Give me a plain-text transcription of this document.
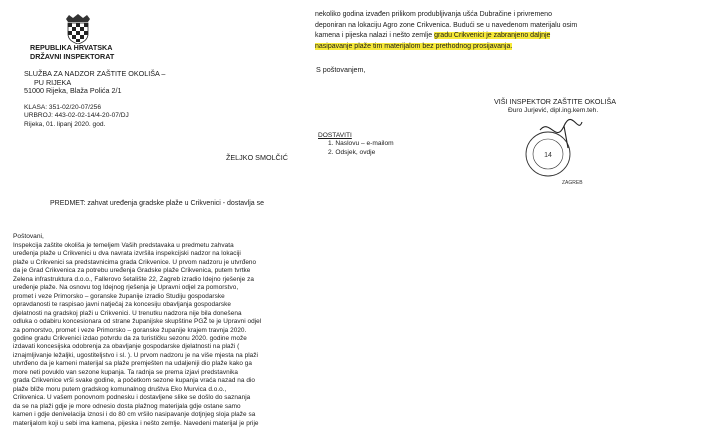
REPUBLIKA HRVATSKA
DRŽAVNI INSPEKTORAT
SLUŽBA ZA NADZOR ZAŠTITE OKOLIŠA –
PU RIJEKA
51000 Rijeka, Blaža Polića 2/1
KLASA: 351-02/20-07/256
URBROJ: 443-02-02-14/4-20-07/DJ
Rijeka, 01. lipanj 2020. god.
ŽELJKO SMOLČIĆ
PREDMET: zahvat uređenja gradske plaže u Crikvenici - dostavlja se
Poštovani,

Inspekcija zaštite okoliša je temeljem Vaših predstavaka u predmetu zahvata

uređenja plaže u Crikvenici u dva navrata izvršila inspekcijski nadzor na lokaciji

plaže u Crikvenici sa predstavnicima grada Crikvenice. U prvom nadzoru je utvrđeno

da je Grad Crikvenica za potrebu uređenja Gradske plaže Crikvenica, putem tvrtke

Zelena infrastruktura d.o.o., Fallerovo šetalište 22, Zagreb izradio Idejno rješenje za

uređenje plaže. Na osnovu tog Idejnog rješenja je Upravni odjel za pomorstvo,

promet i veze Primorsko – goranske županije izradio Studiju gospodarske

opravdanosti te raspisao javni natječaj za koncesiju obavljanja gospodarske

djelatnosti na gradskoj plaži u Crikvenici. U trenutku nadzora nije bila donešena

odluka o odabiru koncesionara od strane županijske skupštine PGŽ te je Upravni odjel

za pomorstvo, promet i veze Primorsko – goranske županije krajem travnja 2020.

godine gradu Crikvenici izdao potvrdu da za turističku sezonu 2020. godine može

izdavati koncesijska odobrenja za obavljanje gospodarske djelatnosti na plaži (

iznajmljivanje ležaljki, ugostiteljstvo i sl. ). U prvom nadzoru je na više mjesta na plaži

utvrđeno da je kameni materijal sa plaže premješten na udaljeniji dio plaže kako ga

more neti povuklo van sezone kupanja. Ta radnja se prema izjavi predstavnika

grada Crikvenice vrši svake godine, a početkom sezone kupanja vraća nazad na dio

plaže bliže moru putem gradskog komunalnog društva Eko Murvica d.o.o.,

Crikvenica. U vašem ponovnom podnesku i dostavljene slike se došlo do saznanja

da se na plaži gdje je more odnesio dosta plažnog materijala gdje ostane samo

kamen i gdje denivelacija iznosi i do 80 cm vršilo nasipavanje dotjnjeg sloja plaže sa

materijalom koji u sebi ima kamena, pijeska i nešto zemlje. Navedeni materijal je prije

nekoliko godina izvađen prilikom produbljivanja ušća Dubračine i privremeno

deponiran na lokaciju Agro zone Crikvenica. Budući se u navedenom materijalu osim

kamena i pijeska nalazi i nešto zemlje gradu Crikvenici je zabranjeno daljnje

nasipavanje plaže tim materijalom bez prethodnog prosijavanja.

S poštovanjem,
VIŠI INSPEKTOR ZAŠTITE OKOLIŠA
Đuro Jurjević, dipl.ing.kem.teh.
14
ZAGREB
DOSTAVITI
1. Naslovu – e-mailom
2. Odsjek, ovdje
